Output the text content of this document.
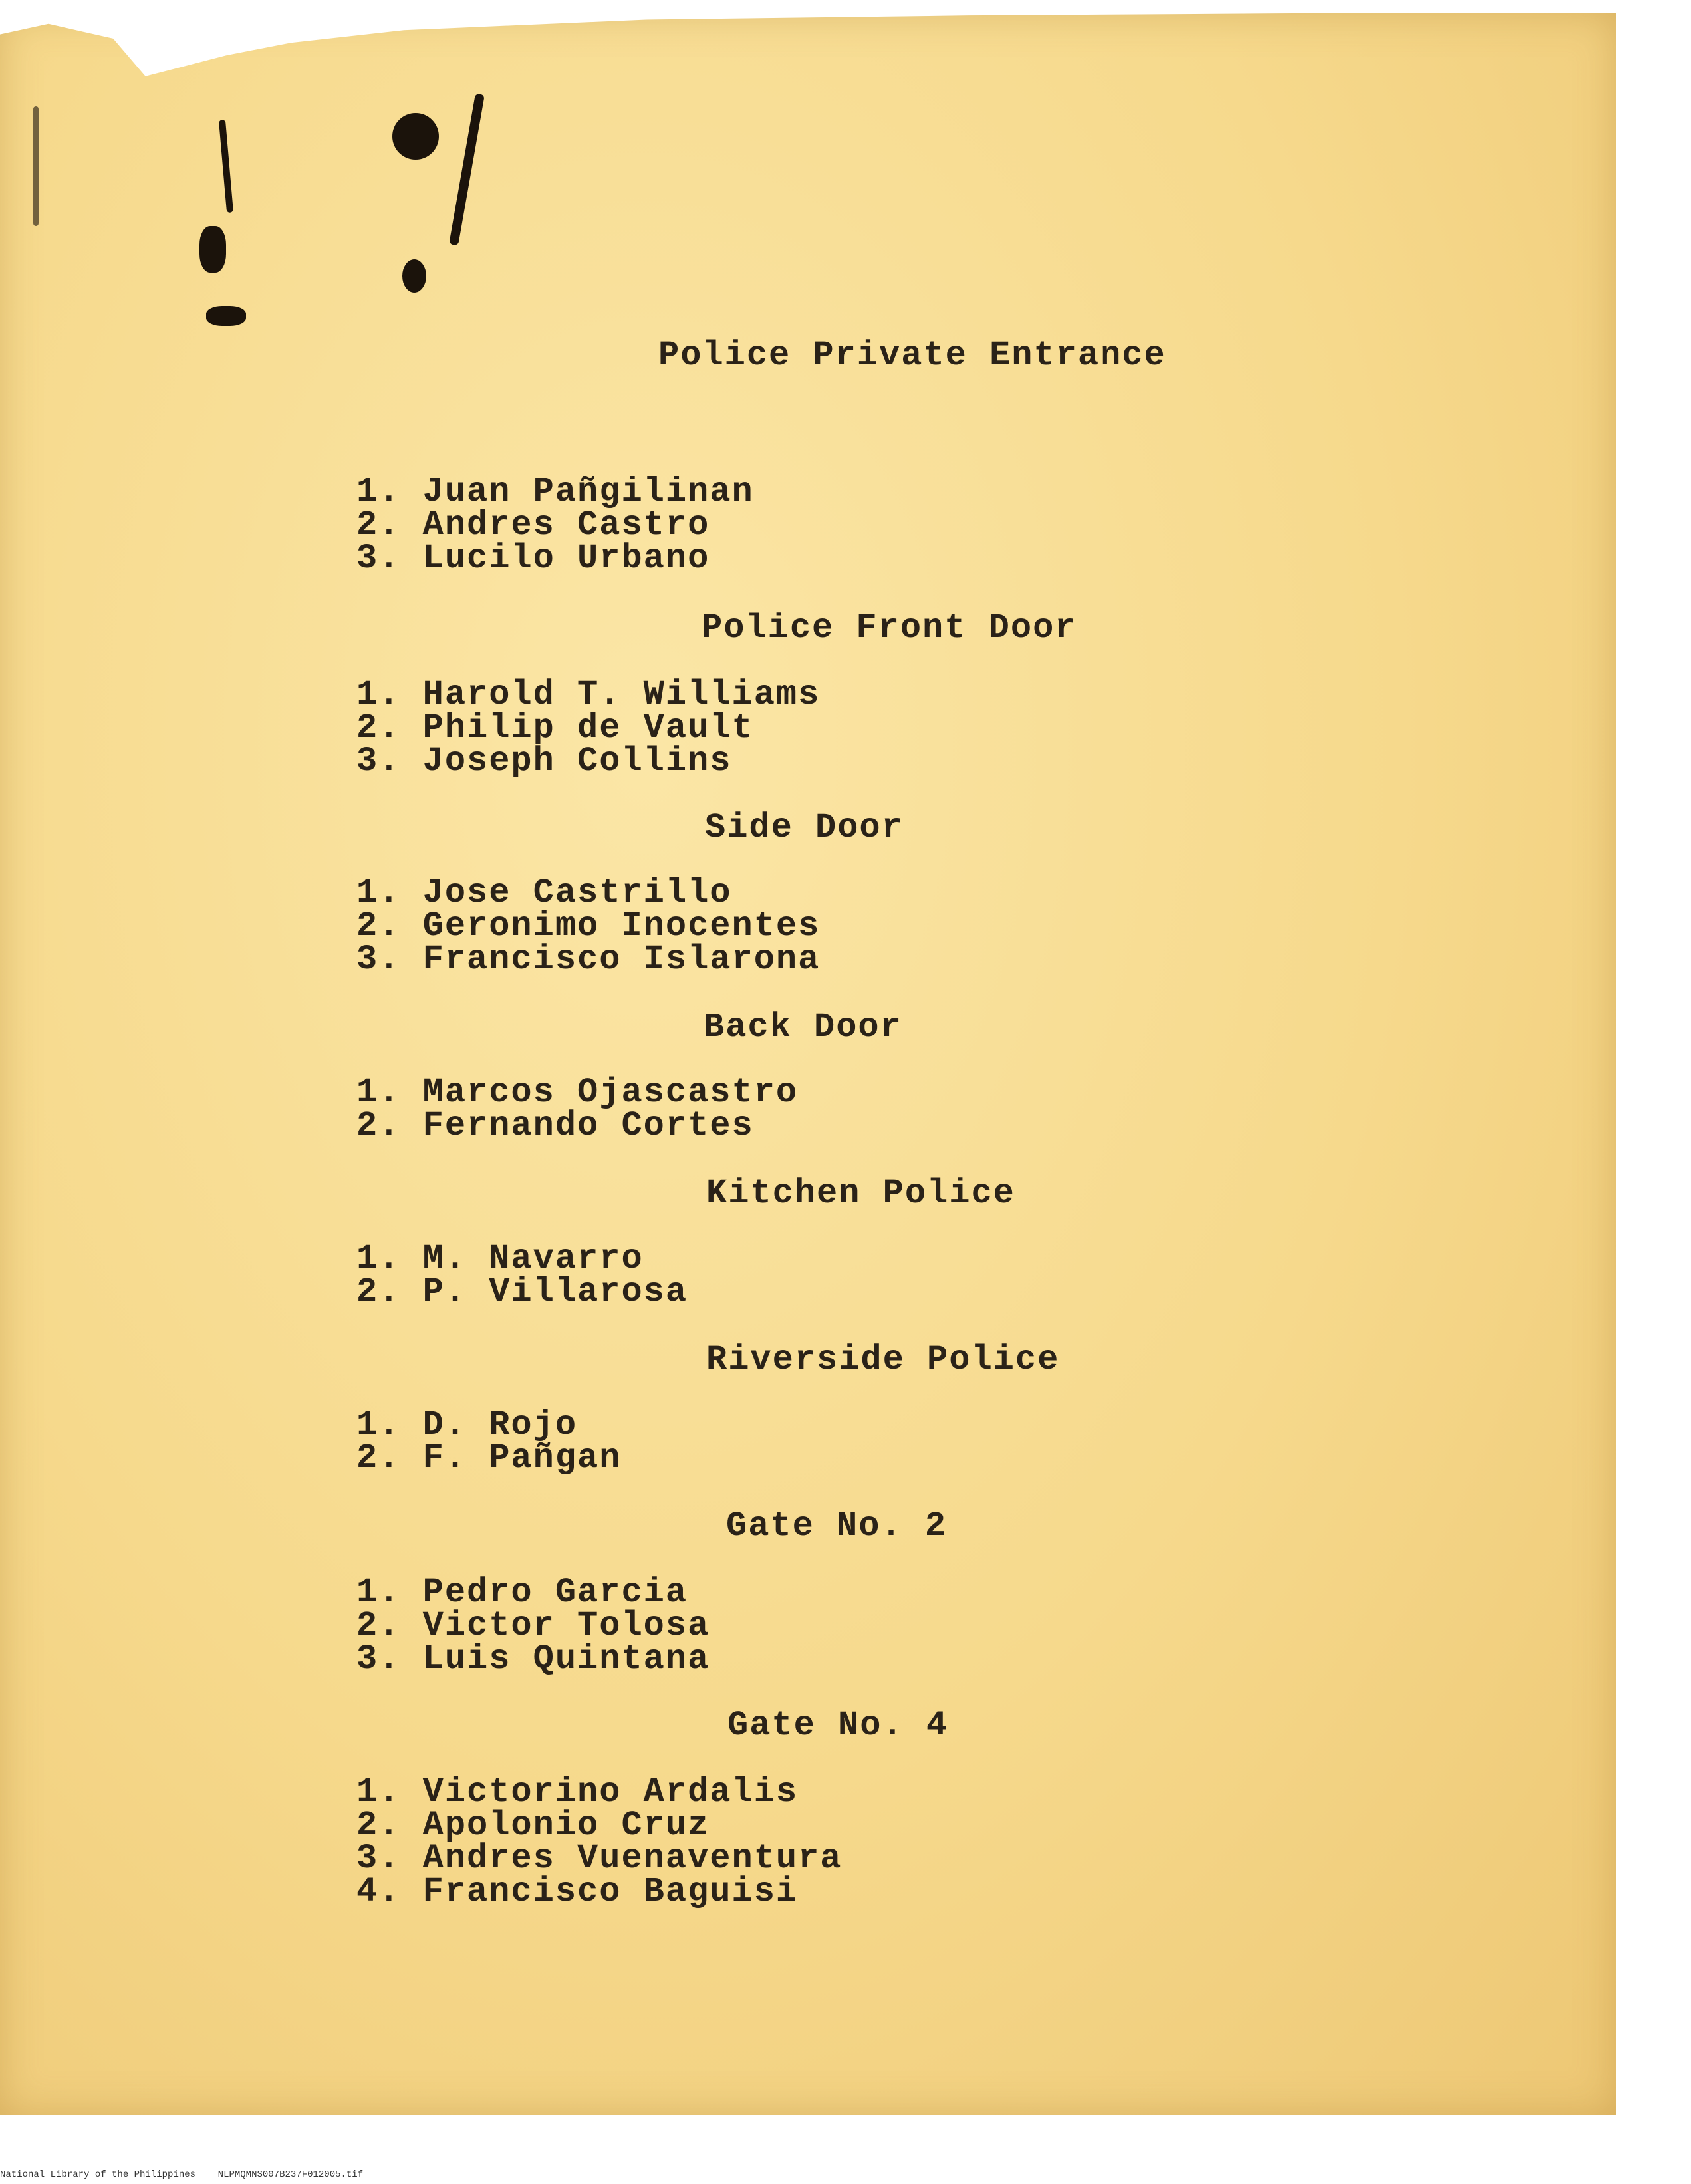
Police Private Entrance
1. Juan Pañgilinan
2. Andres Castro
3. Lucilo Urbano
Police Front Door
1. Harold T. Williams
2. Philip de Vault
3. Joseph Collins
Side Door
1. Jose Castrillo
2. Geronimo Inocentes
3. Francisco Islarona
Back Door
1. Marcos Ojascastro
2. Fernando Cortes
Kitchen Police
1. M. Navarro
2. P. Villarosa
Riverside Police
1. D. Rojo
2. F. Pañgan
Gate No. 2
1. Pedro Garcia
2. Victor Tolosa
3. Luis Quintana
Gate No. 4
1. Victorino Ardalis
2. Apolonio Cruz
3. Andres Vuenaventura
4. Francisco Baguisi
National Library of the Philippines NLPMQMNS007B237F012005.tif
